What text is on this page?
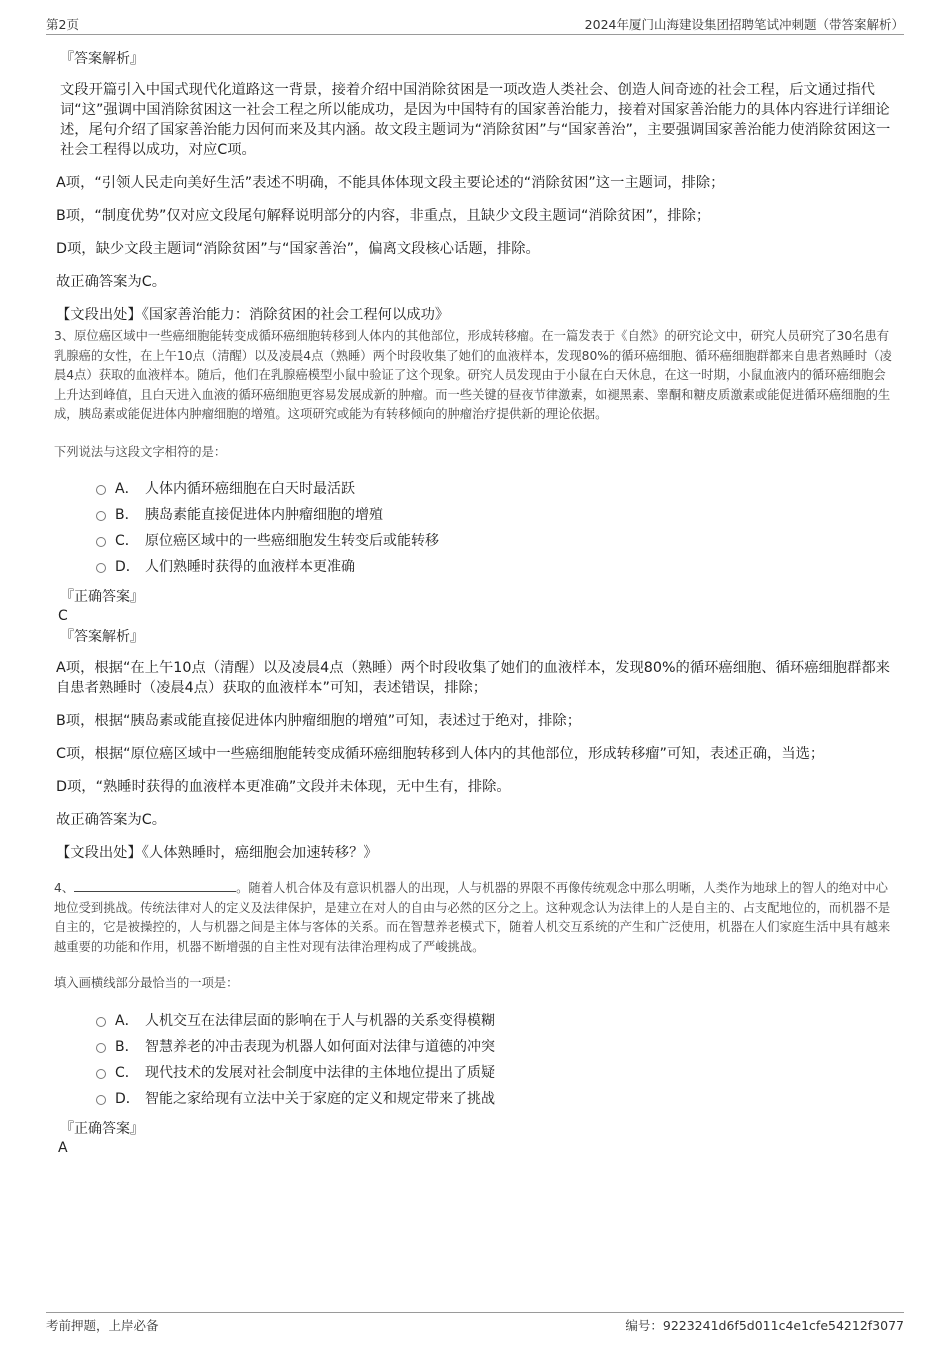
第2页	2024年厦门山海建设集团招聘笔试冲刺题（带答案解析）
『答案解析』

文段开篇引入中国式现代化道路这一背景，接着介绍中国消除贫困是一项改造人类社会、创造人间奇迹的社会工程，后文通过指代词“这”强调中国消除贫困这一社会工程之所以能成功，是因为中国特有的国家善治能力，接着对国家善治能力的具体内容进行详细论述，尾句介绍了国家善治能力因何而来及其内涵。故文段主题词为“消除贫困”与“国家善治”，主要强调国家善治能力使消除贫困这一社会工程得以成功，对应C项。

A项，“引领人民走向美好生活”表述不明确，不能具体体现文段主要论述的“消除贫困”这一主题词，排除；

B项，“制度优势”仅对应文段尾句解释说明部分的内容，非重点，且缺少文段主题词“消除贫困”，排除；

D项，缺少文段主题词“消除贫困”与“国家善治”，偏离文段核心话题，排除。

故正确答案为C。

【文段出处】《国家善治能力：消除贫困的社会工程何以成功》

3、原位癌区域中一些癌细胞能转变成循环癌细胞转移到人体内的其他部位，形成转移瘤。在一篇发表于《自然》的研究论文中，研究人员研究了30名患有乳腺癌的女性，在上午10点（清醒）以及凌晨4点（熟睡）两个时段收集了她们的血液样本，发现80%的循环癌细胞、循环癌细胞群都来自患者熟睡时（凌晨4点）获取的血液样本。随后，他们在乳腺癌模型小鼠中验证了这个现象。研究人员发现由于小鼠在白天休息，在这一时期，小鼠血液内的循环癌细胞会上升达到峰值，且白天进入血液的循环癌细胞更容易发展成新的肿瘤。而一些关键的昼夜节律激素，如褪黑素、睾酮和糖皮质激素或能促进循环癌细胞的生成，胰岛素或能促进体内肿瘤细胞的增殖。这项研究或能为有转移倾向的肿瘤治疗提供新的理论依据。

下列说法与这段文字相符的是：

A． 人体内循环癌细胞在白天时最活跃
B． 胰岛素能直接促进体内肿瘤细胞的增殖
C． 原位癌区域中的一些癌细胞发生转变后或能转移
D． 人们熟睡时获得的血液样本更准确
『正确答案』
C
『答案解析』

A项，根据“在上午10点（清醒）以及凌晨4点（熟睡）两个时段收集了她们的血液样本，发现80%的循环癌细胞、循环癌细胞群都来自患者熟睡时（凌晨4点）获取的血液样本”可知，表述错误，排除；

B项，根据“胰岛素或能直接促进体内肿瘤细胞的增殖”可知，表述过于绝对，排除；

C项，根据“原位癌区域中一些癌细胞能转变成循环癌细胞转移到人体内的其他部位，形成转移瘤”可知，表述正确，当选；

D项，“熟睡时获得的血液样本更准确”文段并未体现，无中生有，排除。

故正确答案为C。

【文段出处】《人体熟睡时，癌细胞会加速转移？》

4、	。随着人机合体及有意识机器人的出现，人与机器的界限不再像传统观念中那么明晰，人类作为地球上的智人的绝对中心地位受到挑战。传统法律对人的定义及法律保护，是建立在对人的自由与必然的区分之上。这种观念认为法律上的人是自主的、占支配地位的，而机器不是自主的，它是被操控的，人与机器之间是主体与客体的关系。而在智慧养老模式下，随着人机交互系统的产生和广泛使用，机器在人们家庭生活中具有越来越重要的功能和作用，机器不断增强的自主性对现有法律治理构成了严峻挑战。

填入画横线部分最恰当的一项是：

A． 人机交互在法律层面的影响在于人与机器的关系变得模糊
B． 智慧养老的冲击表现为机器人如何面对法律与道德的冲突
C． 现代技术的发展对社会制度中法律的主体地位提出了质疑
D． 智能之家给现有立法中关于家庭的定义和规定带来了挑战
『正确答案』
A
考前押题，上岸必备	编号：9223241d6f5d011c4e1cfe54212f3077
